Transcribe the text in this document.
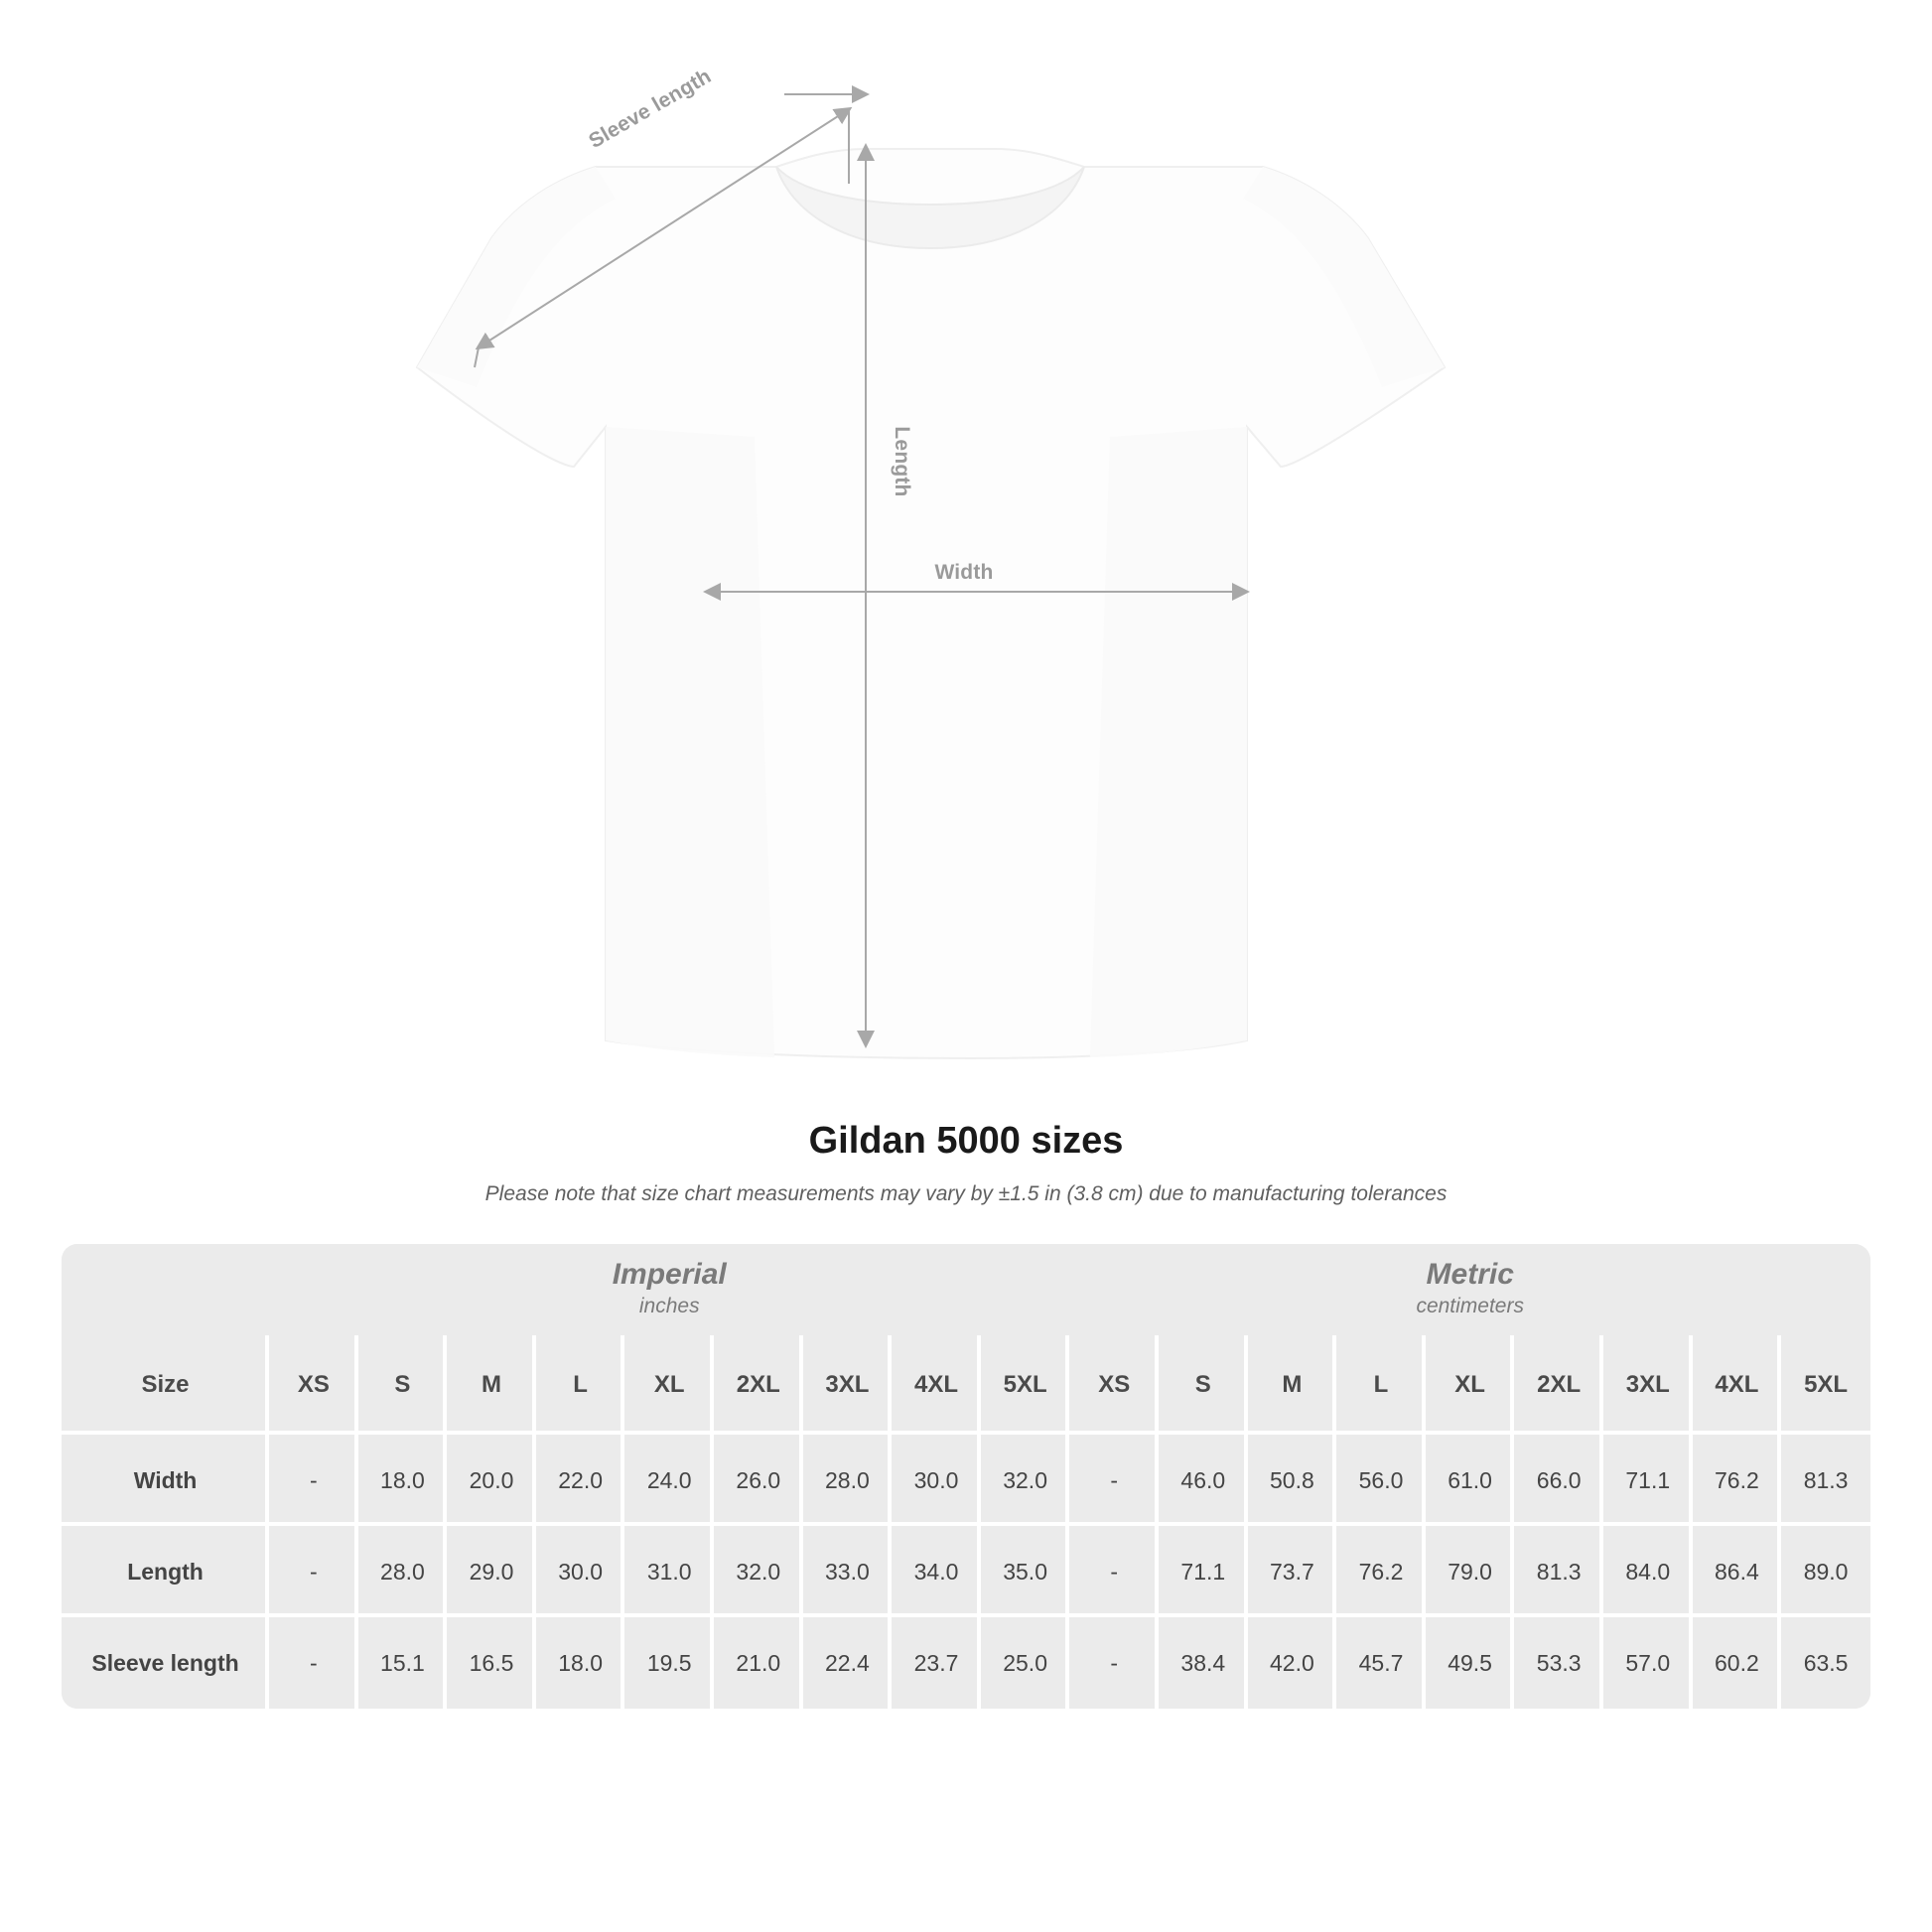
Sleeve length
Length
Width
Gildan 5000 sizes

Please note that size chart measurements may vary by ±1.5 in (3.8 cm) due to manufacturing tolerances

	Imperial
inches									Metric
centimeters								

Size	XS	S	M	L	XL	2XL	3XL	4XL	5XL	XS	S	M	L	XL	2XL	3XL	4XL	5XL
Width	-	18.0	20.0	22.0	24.0	26.0	28.0	30.0	32.0	-	46.0	50.8	56.0	61.0	66.0	71.1	76.2	81.3
Length	-	28.0	29.0	30.0	31.0	32.0	33.0	34.0	35.0	-	71.1	73.7	76.2	79.0	81.3	84.0	86.4	89.0
Sleeve length	-	15.1	16.5	18.0	19.5	21.0	22.4	23.7	25.0	-	38.4	42.0	45.7	49.5	53.3	57.0	60.2	63.5
